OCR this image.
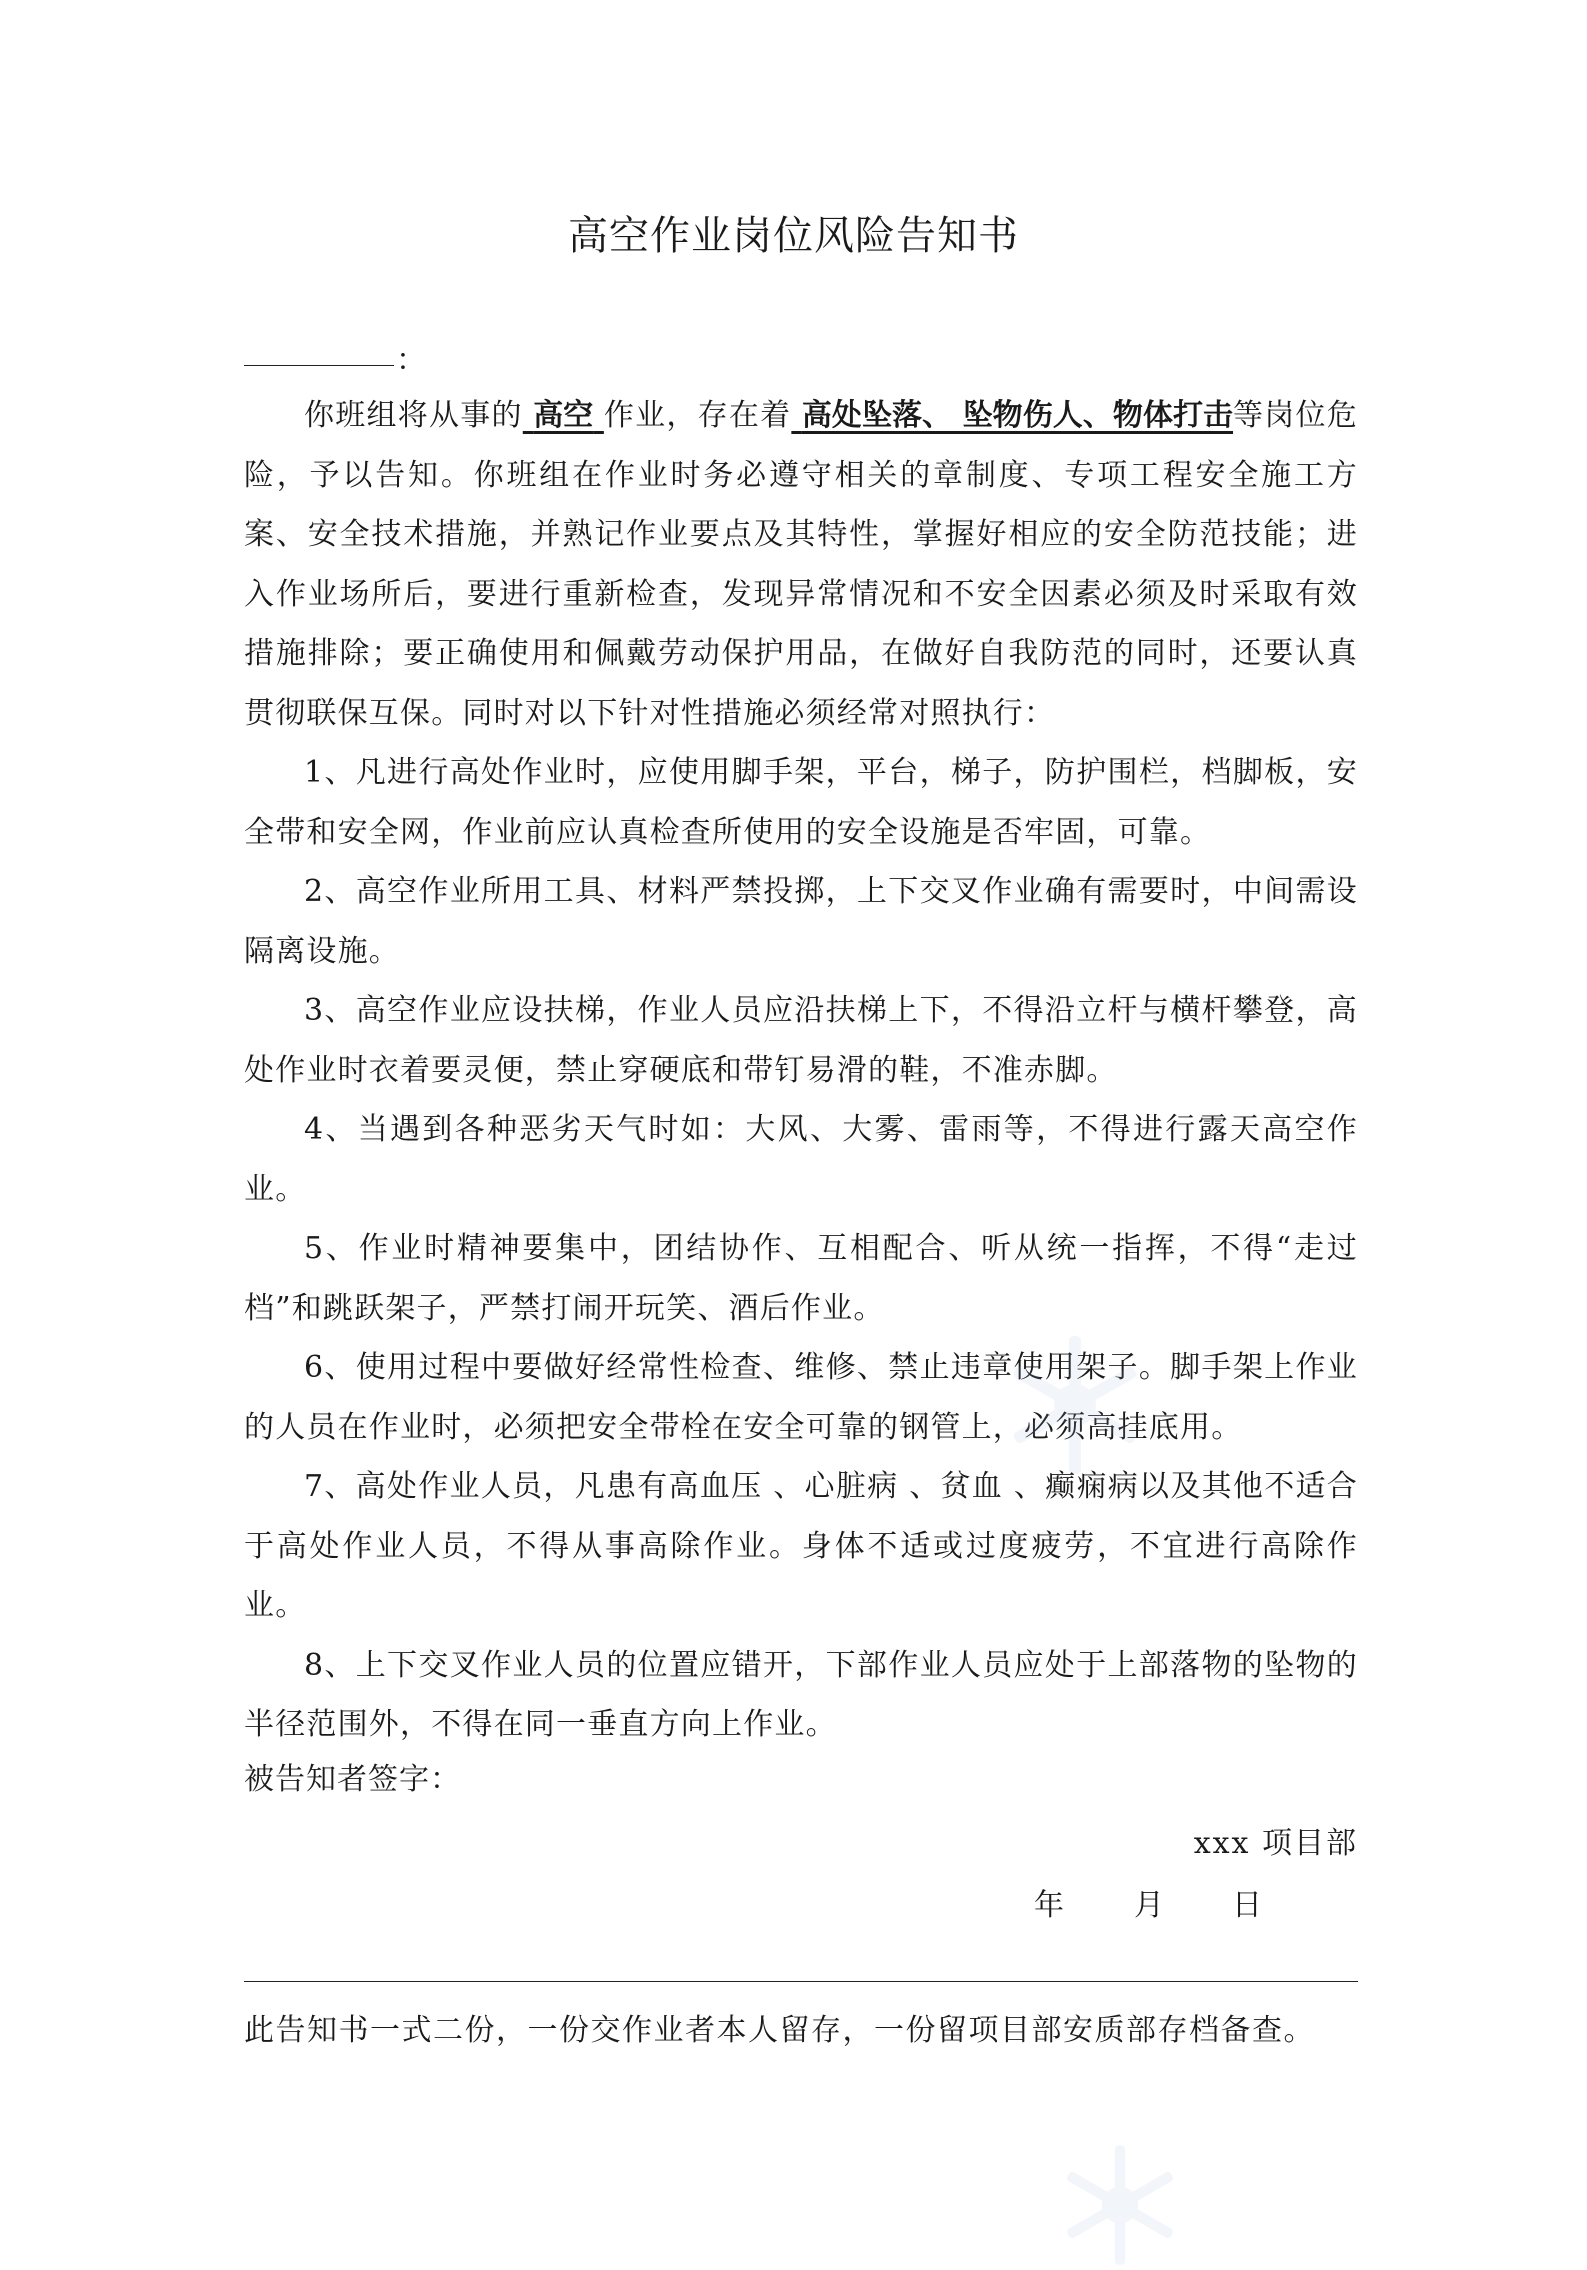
高空作业岗位风险告知书
：

你班组将从事的 高空 作业，存在着 高处坠落、 坠物伤人、物体打击等岗位危险，予以告知。你班组在作业时务必遵守相关的章制度、专项工程安全施工方案、安全技术措施，并熟记作业要点及其特性，掌握好相应的安全防范技能；进入作业场所后，要进行重新检查，发现异常情况和不安全因素必须及时采取有效措施排除；要正确使用和佩戴劳动保护用品，在做好自我防范的同时，还要认真贯彻联保互保。同时对以下针对性措施必须经常对照执行：

1、凡进行高处作业时，应使用脚手架，平台，梯子，防护围栏，档脚板，安全带和安全网，作业前应认真检查所使用的安全设施是否牢固，可靠。

2、高空作业所用工具、材料严禁投掷，上下交叉作业确有需要时，中间需设隔离设施。

3、高空作业应设扶梯，作业人员应沿扶梯上下，不得沿立杆与横杆攀登，高处作业时衣着要灵便，禁止穿硬底和带钉易滑的鞋，不准赤脚。

4、当遇到各种恶劣天气时如：大风、大雾、雷雨等，不得进行露天高空作业。

5、作业时精神要集中，团结协作、互相配合、听从统一指挥，不得“走过档”和跳跃架子，严禁打闹开玩笑、酒后作业。

6、使用过程中要做好经常性检查、维修、禁止违章使用架子。脚手架上作业的人员在作业时，必须把安全带栓在安全可靠的钢管上，必须高挂底用。

7、高处作业人员，凡患有高血压 、心脏病 、贫血 、癫痫病以及其他不适合于高处作业人员，不得从事高除作业。身体不适或过度疲劳，不宜进行高除作业。

8、上下交叉作业人员的位置应错开，下部作业人员应处于上部落物的坠物的半径范围外，不得在同一垂直方向上作业。

被告知者签字：

xxx 项目部
年 月 日
此告知书一式二份，一份交作业者本人留存，一份留项目部安质部存档备查。
